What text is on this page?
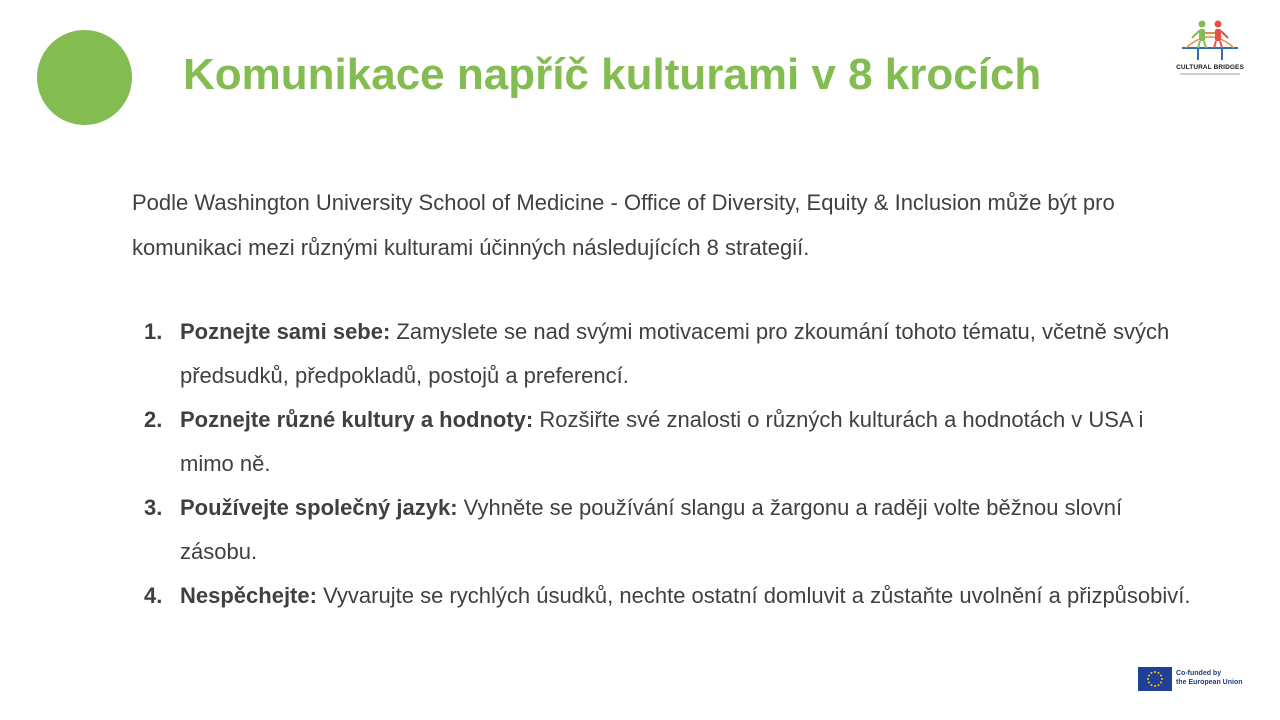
Komunikace napříč kulturami v 8 krocích	CULTURAL BRIDGES

Podle Washington University School of Medicine - Office of Diversity, Equity & Inclusion může být pro komunikaci mezi různými kulturami účinných následujících 8 strategií.

1. Poznejte sami sebe: Zamyslete se nad svými motivacemi pro zkoumání tohoto tématu, včetně svých předsudků, předpokladů, postojů a preferencí.
2. Poznejte různé kultury a hodnoty: Rozšiřte své znalosti o různých kulturách a hodnotách v USA i mimo ně.
3. Používejte společný jazyk: Vyhněte se používání slangu a žargonu a raději volte běžnou slovní zásobu.
4. Nespěchejte: Vyvarujte se rychlých úsudků, nechte ostatní domluvit a zůstaňte uvolnění a přizpůsobiví.
Co-funded by
the European Union
